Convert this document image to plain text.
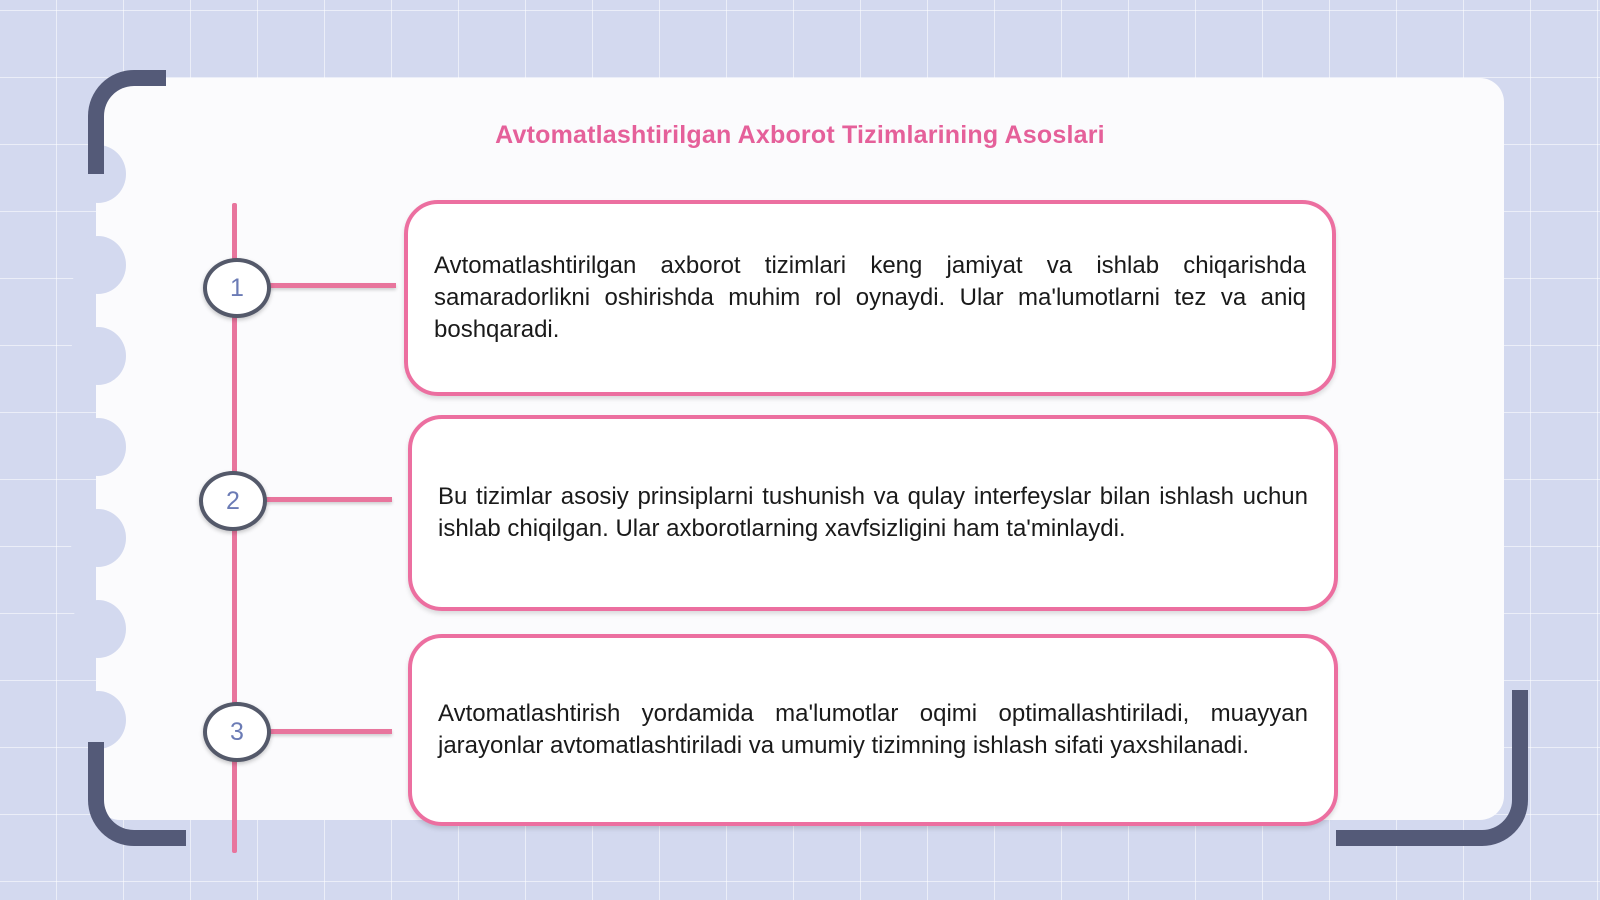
Avtomatlashtirilgan Axborot Tizimlarining Asoslari
1

Avtomatlashtirilgan axborot tizimlari keng jamiyat va ishlab chiqarishda samaradorlikni oshirishda muhim rol oynaydi. Ular ma'lumotlarni tez va aniq boshqaradi.

2	Bu tizimlar asosiy prinsiplarni tushunish va qulay interfeyslar bilan ishlash uchun ishlab chiqilgan. Ular axborotlarning xavfsizligini ham ta'minlaydi.

3

Avtomatlashtirish yordamida ma'lumotlar oqimi optimallashtiriladi, muayyan jarayonlar avtomatlashtiriladi va umumiy tizimning ishlash sifati yaxshilanadi.
